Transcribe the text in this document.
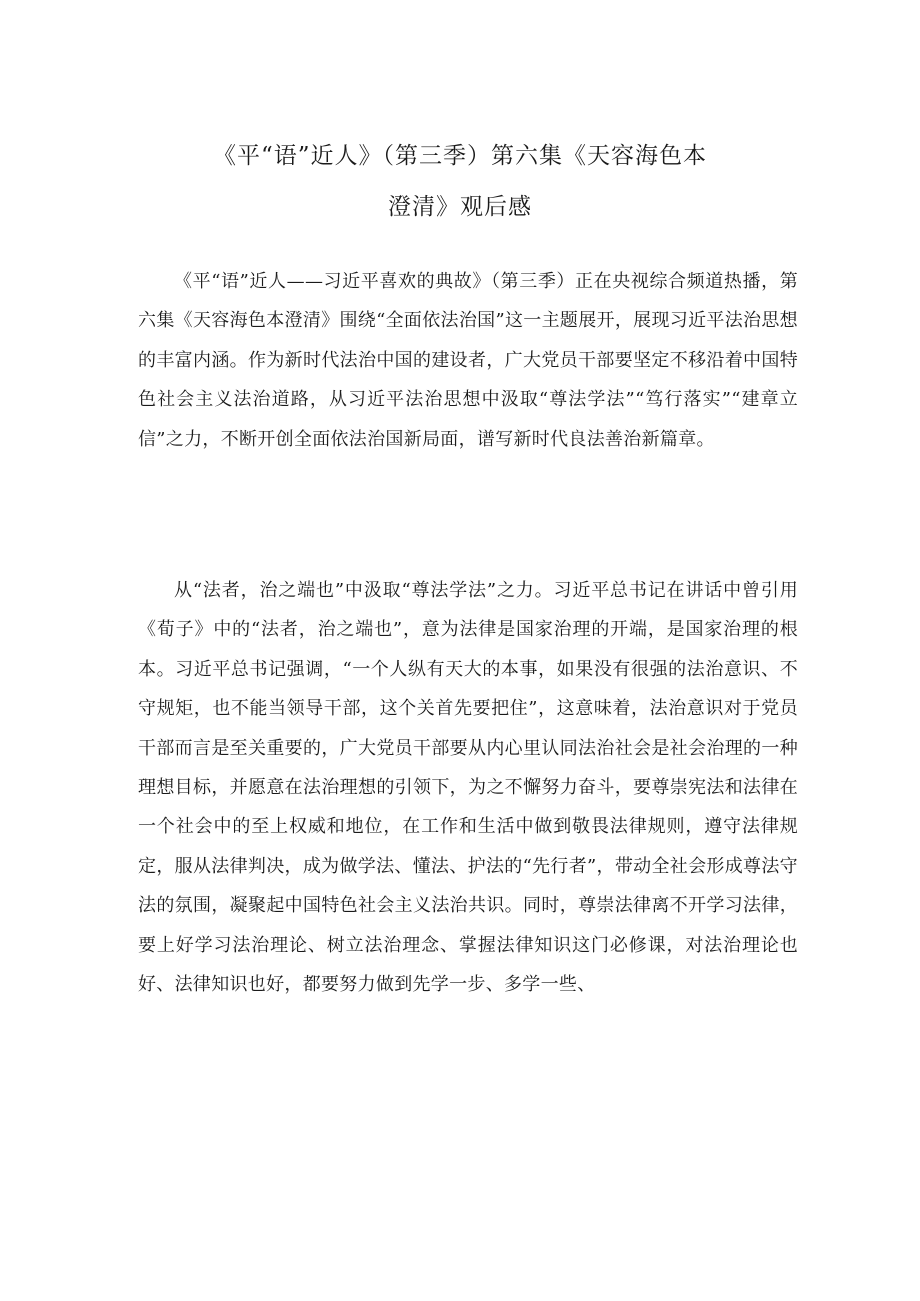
《平“语”近人》（第三季）第六集《天容海色本
澄清》观后感

《平“语”近人——习近平喜欢的典故》（第三季）正在央视综合频道热播，第六集《天容海色本澄清》围绕“全面依法治国”这一主题展开，展现习近平法治思想的丰富内涵。作为新时代法治中国的建设者，广大党员干部要坚定不移沿着中国特色社会主义法治道路，从习近平法治思想中汲取“尊法学法”“笃行落实”“建章立信”之力，不断开创全面依法治国新局面，谱写新时代良法善治新篇章。

从“法者，治之端也”中汲取“尊法学法”之力。习近平总书记在讲话中曾引用《荀子》中的“法者，治之端也”，意为法律是国家治理的开端，是国家治理的根本。习近平总书记强调，“一个人纵有天大的本事，如果没有很强的法治意识、不守规矩，也不能当领导干部，这个关首先要把住”，这意味着，法治意识对于党员干部而言是至关重要的，广大党员干部要从内心里认同法治社会是社会治理的一种理想目标，并愿意在法治理想的引领下，为之不懈努力奋斗，要尊崇宪法和法律在一个社会中的至上权威和地位，在工作和生活中做到敬畏法律规则，遵守法律规定，服从法律判决，成为做学法、懂法、护法的“先行者”，带动全社会形成尊法守法的氛围，凝聚起中国特色社会主义法治共识。同时，尊崇法律离不开学习法律，要上好学习法治理论、树立法治理念、掌握法律知识这门必修课，对法治理论也好、法律知识也好，都要努力做到先学一步、多学一些、
